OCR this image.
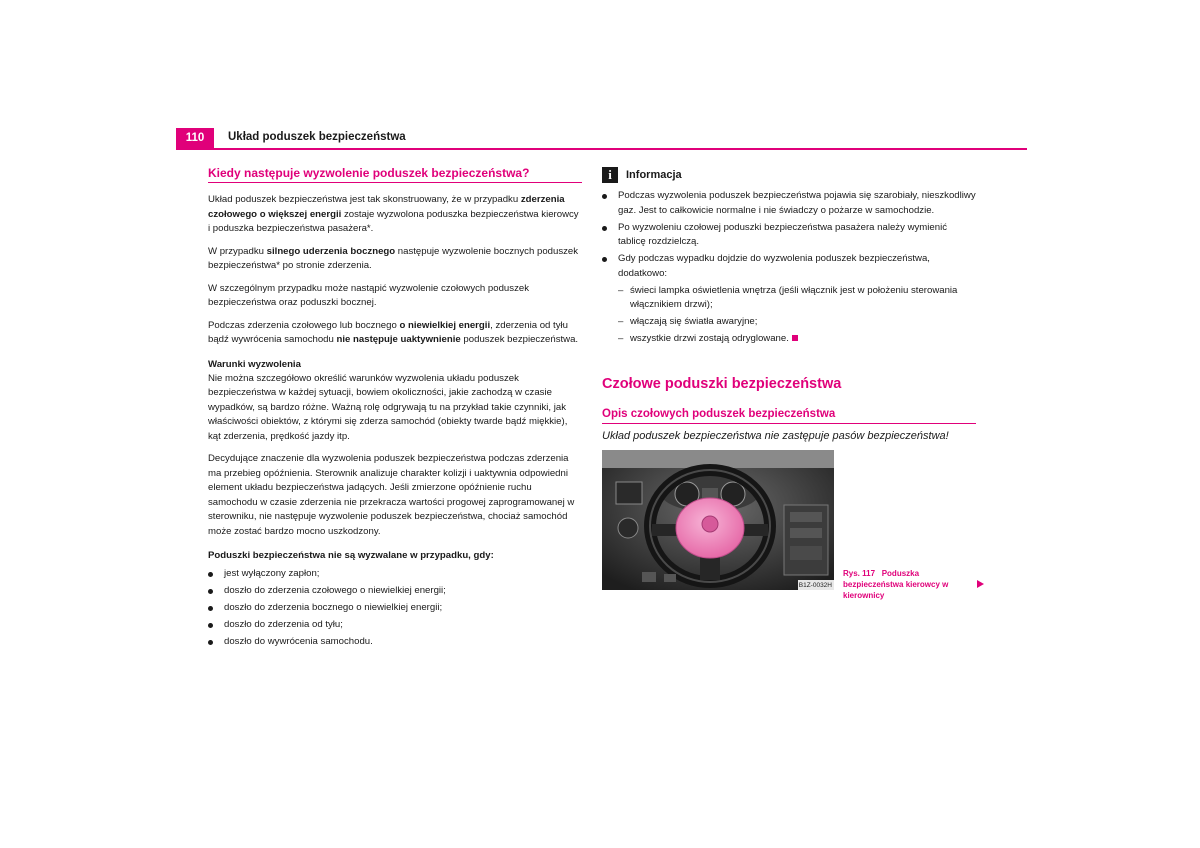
110	Układ poduszek bezpieczeństwa
Kiedy następuje wyzwolenie poduszek bezpieczeństwa?

Układ poduszek bezpieczeństwa jest tak skonstruowany, że w przypadku zderzenia czołowego o większej energii zostaje wyzwolona poduszka bezpieczeństwa kierowcy i poduszka bezpieczeństwa pasażera*.

W przypadku silnego uderzenia bocznego następuje wyzwolenie bocznych poduszek bezpieczeństwa* po stronie zderzenia.

W szczególnym przypadku może nastąpić wyzwolenie czołowych poduszek bezpieczeństwa oraz poduszki bocznej.

Podczas zderzenia czołowego lub bocznego o niewielkiej energii, zderzenia od tyłu bądź wywrócenia samochodu nie następuje uaktywnienie poduszek bezpieczeństwa.

Warunki wyzwolenia

Nie można szczegółowo określić warunków wyzwolenia układu poduszek bezpieczeństwa w każdej sytuacji, bowiem okoliczności, jakie zachodzą w czasie wypadków, są bardzo różne. Ważną rolę odgrywają tu na przykład takie czynniki, jak właściwości obiektów, z którymi się zderza samochód (obiekty twarde bądź miękkie), kąt zderzenia, prędkość jazdy itp.

Decydujące znaczenie dla wyzwolenia poduszek bezpieczeństwa podczas zderzenia ma przebieg opóźnienia. Sterownik analizuje charakter kolizji i uaktywnia odpowiedni element układu bezpieczeństwa jadących. Jeśli zmierzone opóźnienie ruchu samochodu w czasie zderzenia nie przekracza wartości progowej zaprogramowanej w sterowniku, nie następuje wyzwolenie poduszek bezpieczeństwa, chociaż samochód może zostać bardzo mocno uszkodzony.

Poduszki bezpieczeństwa nie są wyzwalane w przypadku, gdy:
jest wyłączony zapłon;
doszło do zderzenia czołowego o niewielkiej energii;
doszło do zderzenia bocznego o niewielkiej energii;
doszło do zderzenia od tyłu;
doszło do wywrócenia samochodu.
i	Informacja
Podczas wyzwolenia poduszek bezpieczeństwa pojawia się szarobiały, nieszkodliwy gaz. Jest to całkowicie normalne i nie świadczy o pożarze w samochodzie.
Po wyzwoleniu czołowej poduszki bezpieczeństwa pasażera należy wymienić tablicę rozdzielczą.
Gdy podczas wypadku dojdzie do wyzwolenia poduszek bezpieczeństwa, dodatkowo:
– świeci lampka oświetlenia wnętrza (jeśli włącznik jest w położeniu sterowania włącznikiem drzwi);
– włączają się światła awaryjne;
– wszystkie drzwi zostają odryglowane.
Czołowe poduszki bezpieczeństwa
Opis czołowych poduszek bezpieczeństwa
Układ poduszek bezpieczeństwa nie zastępuje pasów bezpieczeństwa!
B1Z-0032H
Rys. 117 Poduszka bezpieczeństwa kierowcy w kierownicy
